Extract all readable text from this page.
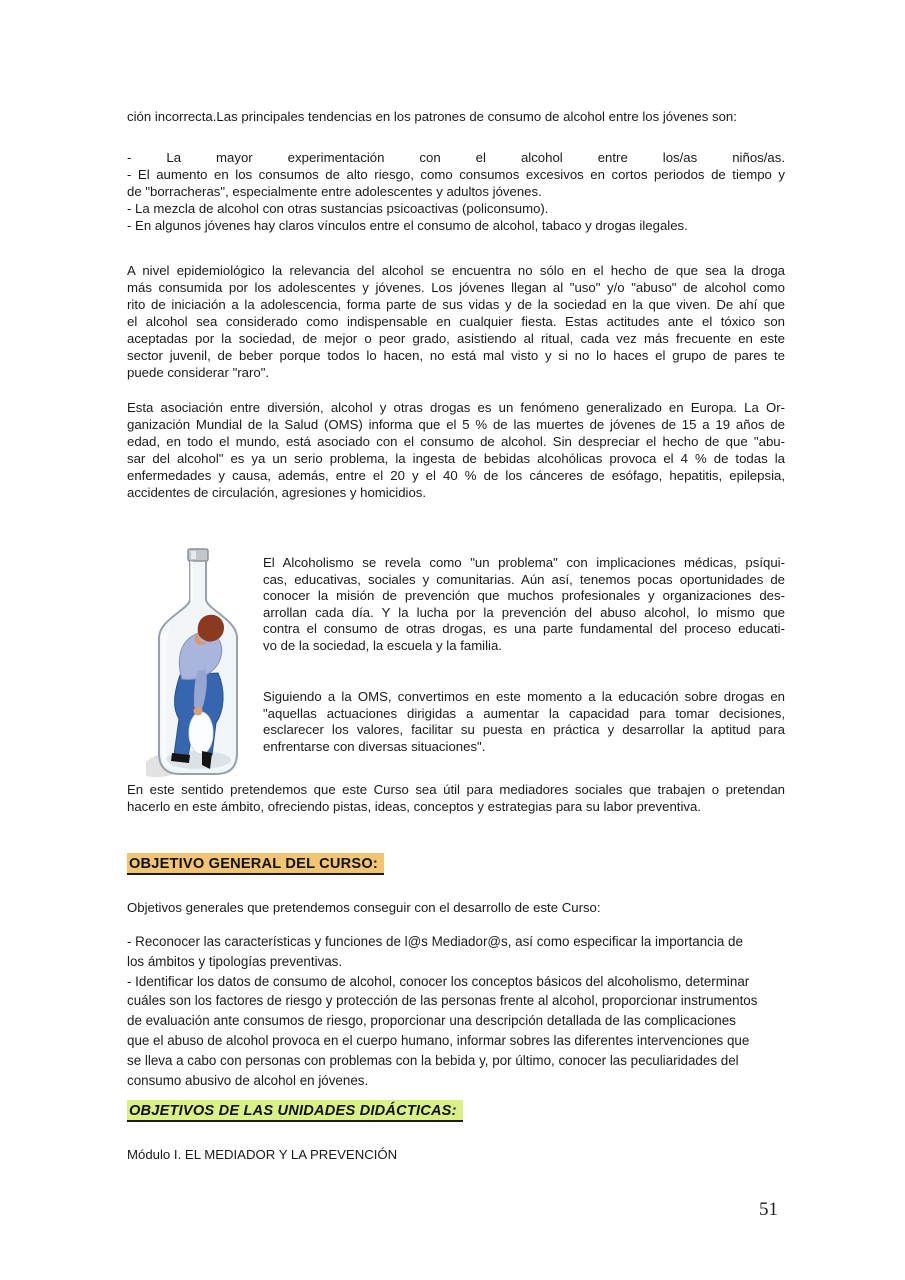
ción incorrecta.Las principales tendencias en los patrones de consumo de alcohol entre los jóvenes son:
- La mayor experimentación con el alcohol entre los/as niños/as.
- El aumento en los consumos de alto riesgo, como consumos excesivos en cortos periodos de tiempo y
de "borracheras", especialmente entre adolescentes y adultos jóvenes.
- La mezcla de alcohol con otras sustancias psicoactivas (policonsumo).
- En algunos jóvenes hay claros vínculos entre el consumo de alcohol, tabaco y drogas ilegales.
A nivel epidemiológico la relevancia del alcohol se encuentra no sólo en el hecho de que sea la droga
más consumida por los adolescentes y jóvenes. Los jóvenes llegan al "uso" y/o "abuso" de alcohol como
rito de iniciación a la adolescencia, forma parte de sus vidas y de la sociedad en la que viven. De ahí que
el alcohol sea considerado como indispensable en cualquier fiesta. Estas actitudes ante el tóxico son
aceptadas por la sociedad, de mejor o peor grado, asistiendo al ritual, cada vez más frecuente en este
sector juvenil, de beber porque todos lo hacen, no está mal visto y si no lo haces el grupo de pares te
puede considerar "raro".
Esta asociación entre diversión, alcohol y otras drogas es un fenómeno generalizado en Europa. La Or-
ganización Mundial de la Salud (OMS) informa que el 5 % de las muertes de jóvenes de 15 a 19 años de
edad, en todo el mundo, está asociado con el consumo de alcohol. Sin despreciar el hecho de que "abu-
sar del alcohol" es ya un serio problema, la ingesta de bebidas alcohólicas provoca el 4 % de todas la
enfermedades y causa, además, entre el 20 y el 40 % de los cánceres de esófago, hepatitis, epilepsia,
accidentes de circulación, agresiones y homicidios.
El Alcoholismo se revela como "un problema" con implicaciones médicas, psíqui-
cas, educativas, sociales y comunitarias. Aún así, tenemos pocas oportunidades de
conocer la misión de prevención que muchos profesionales y organizaciones des-
arrollan cada día. Y la lucha por la prevención del abuso alcohol, lo mismo que
contra el consumo de otras drogas, es una parte fundamental del proceso educati-
vo de la sociedad, la escuela y la familia.
Siguiendo a la OMS, convertimos en este momento a la educación sobre drogas en
"aquellas actuaciones dirigidas a aumentar la capacidad para tomar decisiones,
esclarecer los valores, facilitar su puesta en práctica y desarrollar la aptitud para
enfrentarse con diversas situaciones".
En este sentido pretendemos que este Curso sea útil para mediadores sociales que trabajen o pretendan
hacerlo en este ámbito, ofreciendo pistas, ideas, conceptos y estrategias para su labor preventiva.
OBJETIVO GENERAL DEL CURSO:
Objetivos generales que pretendemos conseguir con el desarrollo de este Curso:
- Reconocer las características y funciones de l@s Mediador@s, así como especificar la importancia de
los ámbitos y tipologías preventivas.
- Identificar los datos de consumo de alcohol, conocer los conceptos básicos del alcoholismo, determinar
cuáles son los factores de riesgo y protección de las personas frente al alcohol, proporcionar instrumentos
de evaluación ante consumos de riesgo, proporcionar una descripción detallada de las complicaciones
que el abuso de alcohol provoca en el cuerpo humano, informar sobres las diferentes intervenciones que
se lleva a cabo con personas con problemas con la bebida y, por último, conocer las peculiaridades del
consumo abusivo de alcohol en jóvenes.
OBJETIVOS DE LAS UNIDADES DIDÁCTICAS:
Módulo I. EL MEDIADOR Y LA PREVENCIÓN
51
